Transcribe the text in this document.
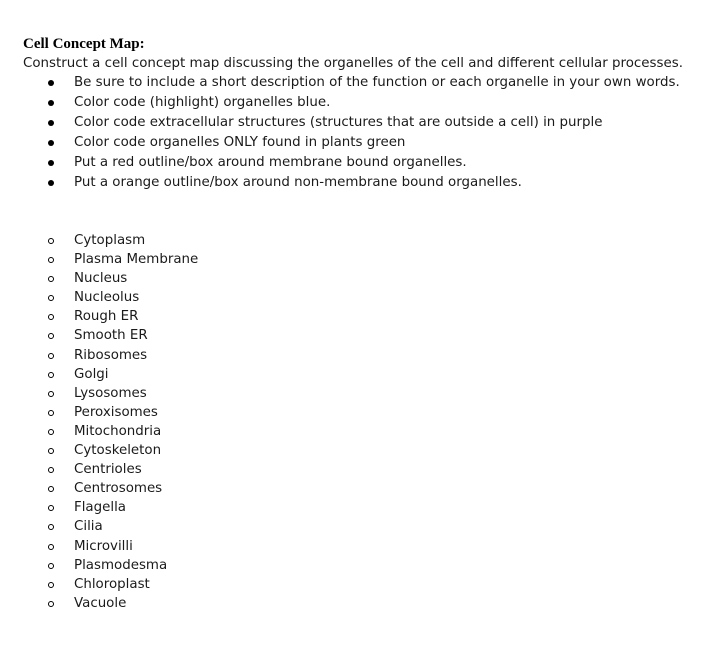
Cell Concept Map:
Construct a cell concept map discussing the organelles of the cell and different cellular processes.
Be sure to include a short description of the function or each organelle in your own words.
Color code (highlight) organelles blue.
Color code extracellular structures (structures that are outside a cell) in purple
Color code organelles ONLY found in plants green
Put a red outline/box around membrane bound organelles.
Put a orange outline/box around non-membrane bound organelles.
Cytoplasm
Plasma Membrane
Nucleus
Nucleolus
Rough ER
Smooth ER
Ribosomes
Golgi
Lysosomes
Peroxisomes
Mitochondria
Cytoskeleton
Centrioles
Centrosomes
Flagella
Cilia
Microvilli
Plasmodesma
Chloroplast
Vacuole
